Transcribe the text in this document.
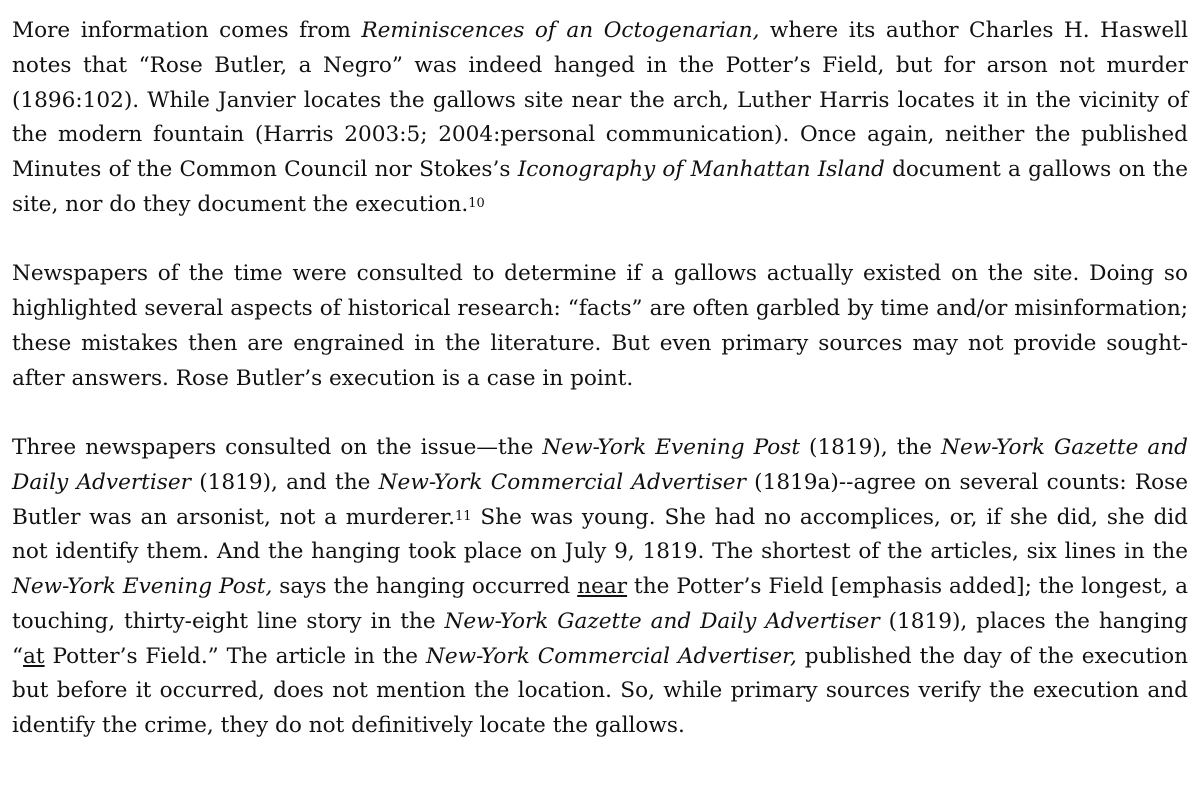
More information comes from Reminiscences of an Octogenarian, where its author Charles H. Haswell notes that “Rose Butler, a Negro” was indeed hanged in the Potter’s Field, but for arson not murder (1896:102). While Janvier locates the gallows site near the arch, Luther Harris locates it in the vicinity of the modern fountain (Harris 2003:5; 2004:personal communication). Once again, neither the published Minutes of the Common Council nor Stokes’s Iconography of Manhattan Island document a gallows on the site, nor do they document the execution.$^{10}$

Newspapers of the time were consulted to determine if a gallows actually existed on the site. Doing so highlighted several aspects of historical research: “facts” are often garbled by time and/or misinformation; these mistakes then are engrained in the literature. But even primary sources may not provide sought-after answers. Rose Butler’s execution is a case in point.

Three newspapers consulted on the issue—the New-York Evening Post (1819), the New-York Gazette and Daily Advertiser (1819), and the New-York Commercial Advertiser (1819a)--agree on several counts: Rose Butler was an arsonist, not a murderer.$^{11}$ She was young. She had no accomplices, or, if she did, she did not identify them. And the hanging took place on July 9, 1819. The shortest of the articles, six lines in the New-York Evening Post, says the hanging occurred near the Potter’s Field [emphasis added]; the longest, a touching, thirty-eight line story in the New-York Gazette and Daily Advertiser (1819), places the hanging “at Potter’s Field.” The article in the New-York Commercial Advertiser, published the day of the execution but before it occurred, does not mention the location. So, while primary sources verify the execution and identify the crime, they do not definitively locate the gallows.
